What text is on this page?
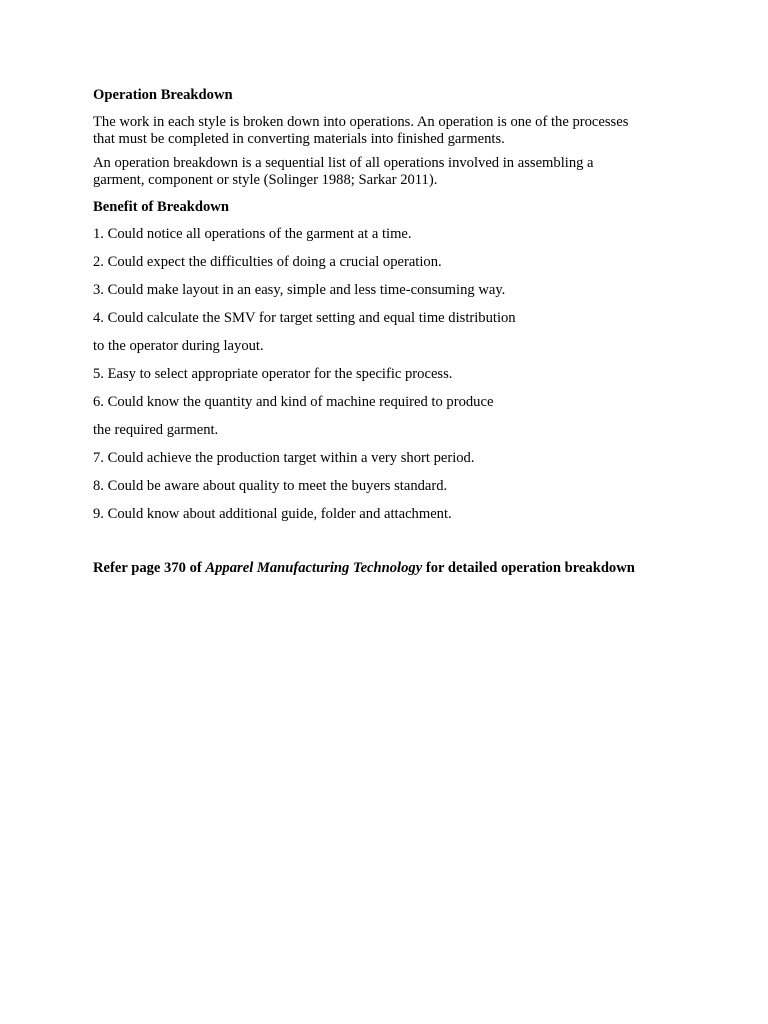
Operation Breakdown
The work in each style is broken down into operations. An operation is one of the processes
that must be completed in converting materials into finished garments.
An operation breakdown is a sequential list of all operations involved in assembling a
garment, component or style (Solinger 1988; Sarkar 2011).
Benefit of Breakdown
1. Could notice all operations of the garment at a time.
2. Could expect the difficulties of doing a crucial operation.
3. Could make layout in an easy, simple and less time-consuming way.
4. Could calculate the SMV for target setting and equal time distribution
to the operator during layout.
5. Easy to select appropriate operator for the specific process.
6. Could know the quantity and kind of machine required to produce
the required garment.
7. Could achieve the production target within a very short period.
8. Could be aware about quality to meet the buyers standard.
9. Could know about additional guide, folder and attachment.
Refer page 370 of Apparel Manufacturing Technology for detailed operation breakdown
